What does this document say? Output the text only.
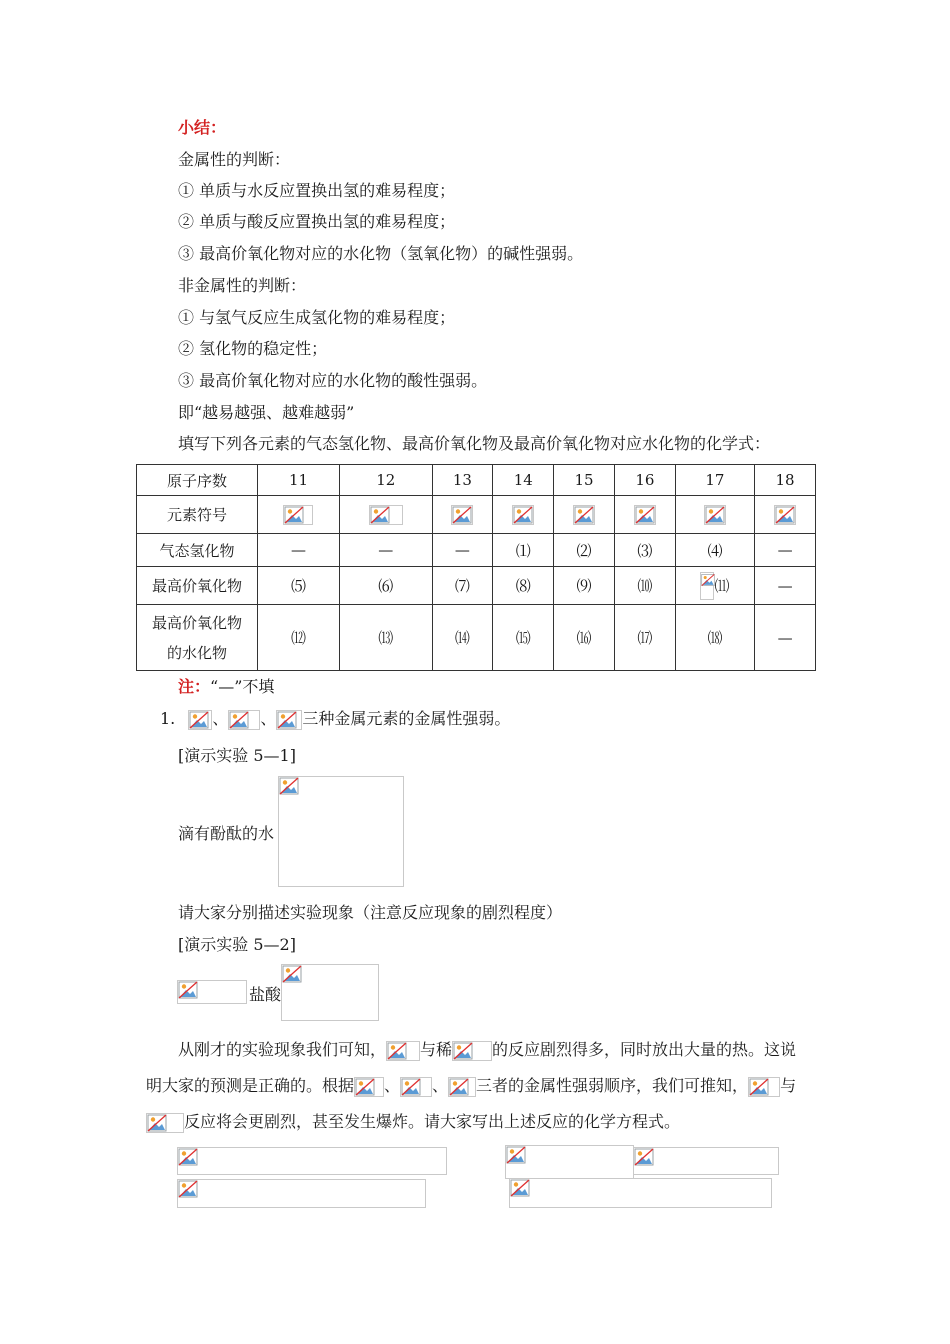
小结：
金属性的判断：
① 单质与水反应置换出氢的难易程度；
② 单质与酸反应置换出氢的难易程度；
③ 最高价氧化物对应的水化物（氢氧化物）的碱性强弱。
非金属性的判断：
① 与氢气反应生成氢化物的难易程度；
② 氢化物的稳定性；
③ 最高价氧化物对应的水化物的酸性强弱。
即“越易越强、越难越弱”
填写下列各元素的气态氢化物、最高价氧化物及最高价氧化物对应水化物的化学式：
原子序数	11	12	13	14	15	16	17	18
元素符号	

气态氢化物	—	—	—	⑴	⑵	⑶	⑷	—
最高价氧化物	⑸	⑹	⑺	⑻	⑼	⑽	⑾	—

最高价氧化物
的水化物	⑿	⒀	⒁	⒂	⒃	⒄	⒅	—
注：“—”不填
1. 、 、 三种金属元素的金属性强弱。
[演示实验 5—1]
滴有酚酞的水
请大家分别描述实验现象（注意反应现象的剧烈程度）
[演示实验 5—2]
盐酸
从刚才的实验现象我们可知， 与稀	的反应剧烈得多，同时放出大量的热。这说
明大家的预测是正确的。根据 、 、 三者的金属性强弱顺序，我们可推知， 与
反应将会更剧烈，甚至发生爆炸。请大家写出上述反应的化学方程式。
